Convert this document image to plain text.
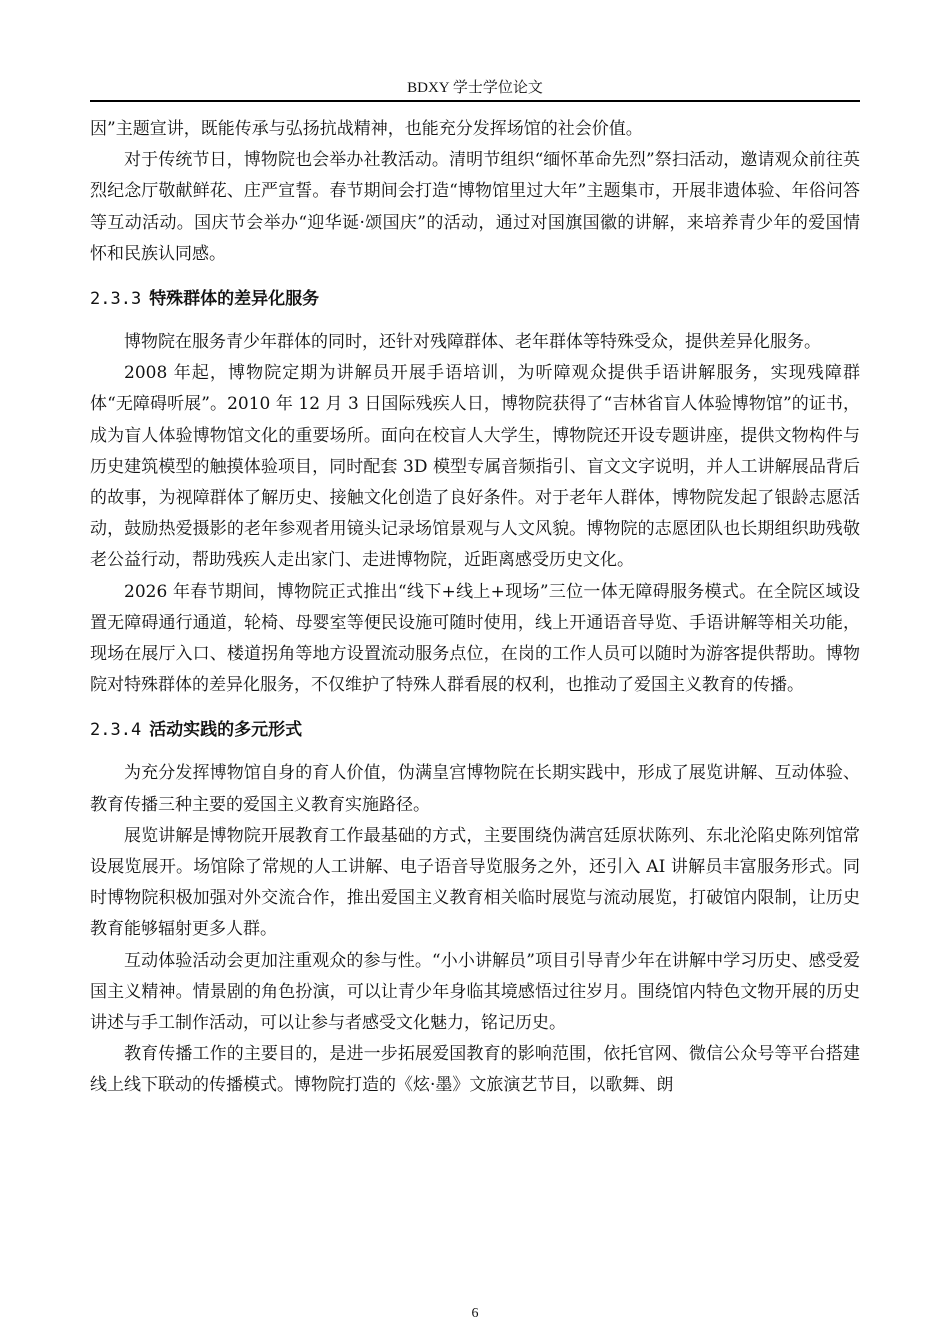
BDXY 学士学位论文

因”主题宣讲，既能传承与弘扬抗战精神，也能充分发挥场馆的社会价值。

对于传统节日，博物院也会举办社教活动。清明节组织“缅怀革命先烈”祭扫活动，邀请观众前往英烈纪念厅敬献鲜花、庄严宣誓。春节期间会打造“博物馆里过大年”主题集市，开展非遗体验、年俗问答等互动活动。国庆节会举办“迎华诞·颂国庆”的活动，通过对国旗国徽的讲解，来培养青少年的爱国情怀和民族认同感。

2.3.3 特殊群体的差异化服务

博物院在服务青少年群体的同时，还针对残障群体、老年群体等特殊受众，提供差异化服务。

2008 年起，博物院定期为讲解员开展手语培训，为听障观众提供手语讲解服务，实现残障群体“无障碍听展”。2010 年 12 月 3 日国际残疾人日，博物院获得了“吉林省盲人体验博物馆”的证书，成为盲人体验博物馆文化的重要场所。面向在校盲人大学生，博物院还开设专题讲座，提供文物构件与历史建筑模型的触摸体验项目，同时配套 3D 模型专属音频指引、盲文文字说明，并人工讲解展品背后的故事，为视障群体了解历史、接触文化创造了良好条件。对于老年人群体，博物院发起了银龄志愿活动，鼓励热爱摄影的老年参观者用镜头记录场馆景观与人文风貌。博物院的志愿团队也长期组织助残敬老公益行动，帮助残疾人走出家门、走进博物院，近距离感受历史文化。

2026 年春节期间，博物院正式推出“线下+线上+现场”三位一体无障碍服务模式。在全院区域设置无障碍通行通道，轮椅、母婴室等便民设施可随时使用，线上开通语音导览、手语讲解等相关功能，现场在展厅入口、楼道拐角等地方设置流动服务点位，在岗的工作人员可以随时为游客提供帮助。博物院对特殊群体的差异化服务，不仅维护了特殊人群看展的权利，也推动了爱国主义教育的传播。

2.3.4 活动实践的多元形式

为充分发挥博物馆自身的育人价值，伪满皇宫博物院在长期实践中，形成了展览讲解、互动体验、教育传播三种主要的爱国主义教育实施路径。

展览讲解是博物院开展教育工作最基础的方式，主要围绕伪满宫廷原状陈列、东北沦陷史陈列馆常设展览展开。场馆除了常规的人工讲解、电子语音导览服务之外，还引入 AI 讲解员丰富服务形式。同时博物院积极加强对外交流合作，推出爱国主义教育相关临时展览与流动展览，打破馆内限制，让历史教育能够辐射更多人群。

互动体验活动会更加注重观众的参与性。“小小讲解员”项目引导青少年在讲解中学习历史、感受爱国主义精神。情景剧的角色扮演，可以让青少年身临其境感悟过往岁月。围绕馆内特色文物开展的历史讲述与手工制作活动，可以让参与者感受文化魅力，铭记历史。

教育传播工作的主要目的，是进一步拓展爱国教育的影响范围，依托官网、微信公众号等平台搭建线上线下联动的传播模式。博物院打造的《炫·墨》文旅演艺节目，以歌舞、朗

6
